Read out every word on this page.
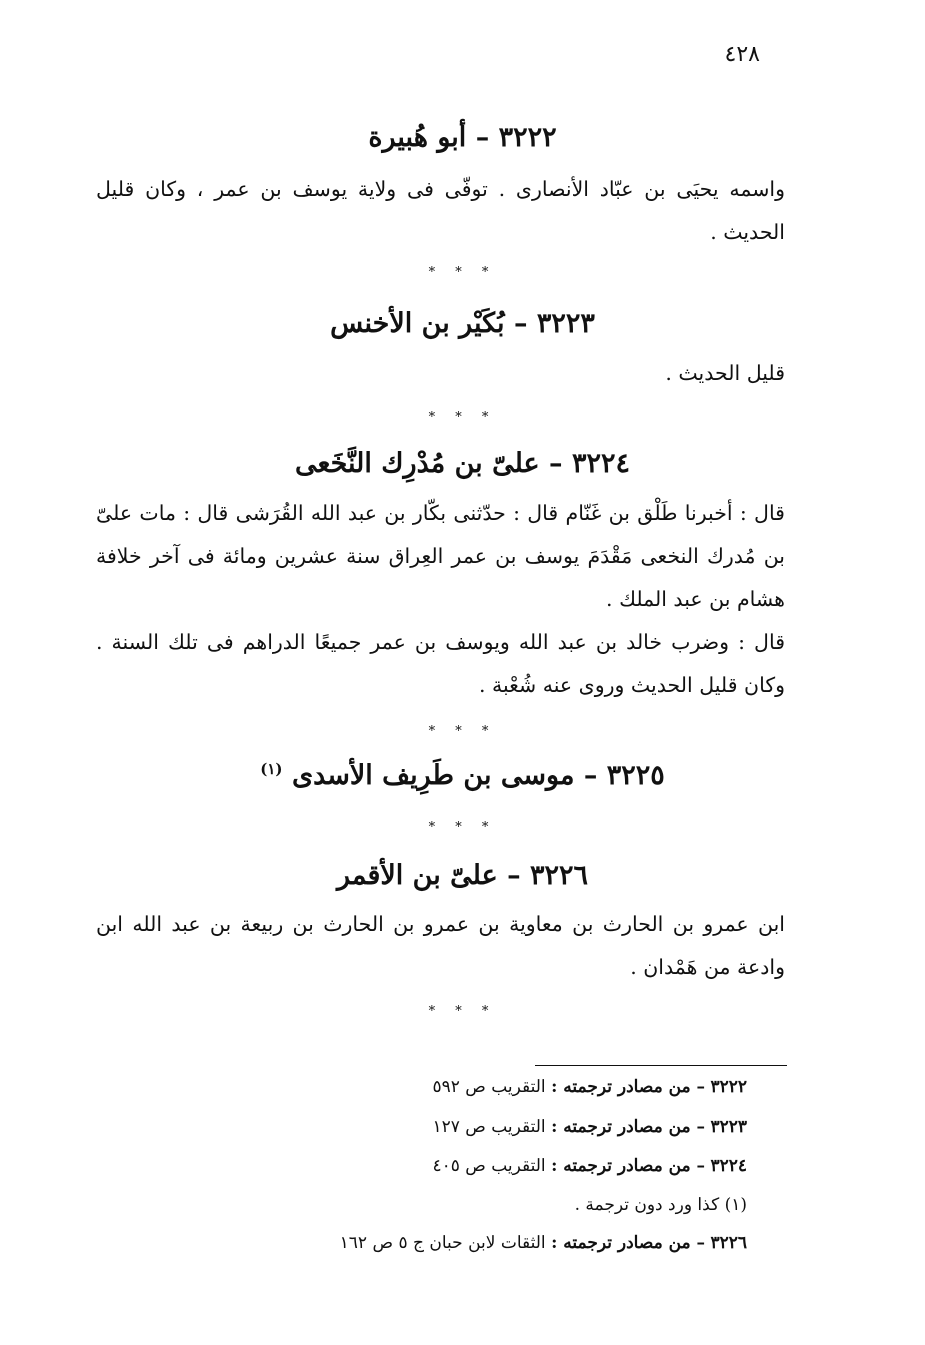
٤٢٨
٣٢٢٢ – أبو هُبيرة
واسمه يحيَى بن عبّاد الأنصارى . توفّى فى ولاية يوسف بن عمر ، وكان قليل الحديث .
* * *
٣٢٢٣ – بُكَيْر بن الأخنس
قليل الحديث .
* * *
٣٢٢٤ – علىّ بن مُدْرِك النَّخَعى
قال : أخبرنا طَلْق بن غَنّام قال : حدّثنى بكّار بن عبد الله القُرَشى قال : مات علىّ بن مُدرك النخعى مَقْدَمَ يوسف بن عمر العِراق سنة عشرين ومائة فى آخر خلافة هشام بن عبد الملك .
قال : وضرب خالد بن عبد الله ويوسف بن عمر جميعًا الدراهم فى تلك السنة . وكان قليل الحديث وروى عنه شُعْبة .
* * *
٣٢٢٥ – موسى بن طَرِيف الأسدى $^{(١)}$
* * *
٣٢٢٦ – علىّ بن الأقمر
ابن عمرو بن الحارث بن معاوية بن عمرو بن الحارث بن ربيعة بن عبد الله ابن وادعة من هَمْدان .
* * *
٣٢٢٢ – من مصادر ترجمته : التقريب ص ٥٩٢
٣٢٢٣ – من مصادر ترجمته : التقريب ص ١٢٧
٣٢٢٤ – من مصادر ترجمته : التقريب ص ٤٠٥
(١) كذا ورد دون ترجمة .
٣٢٢٦ – من مصادر ترجمته : الثقات لابن حبان ج ٥ ص ١٦٢
